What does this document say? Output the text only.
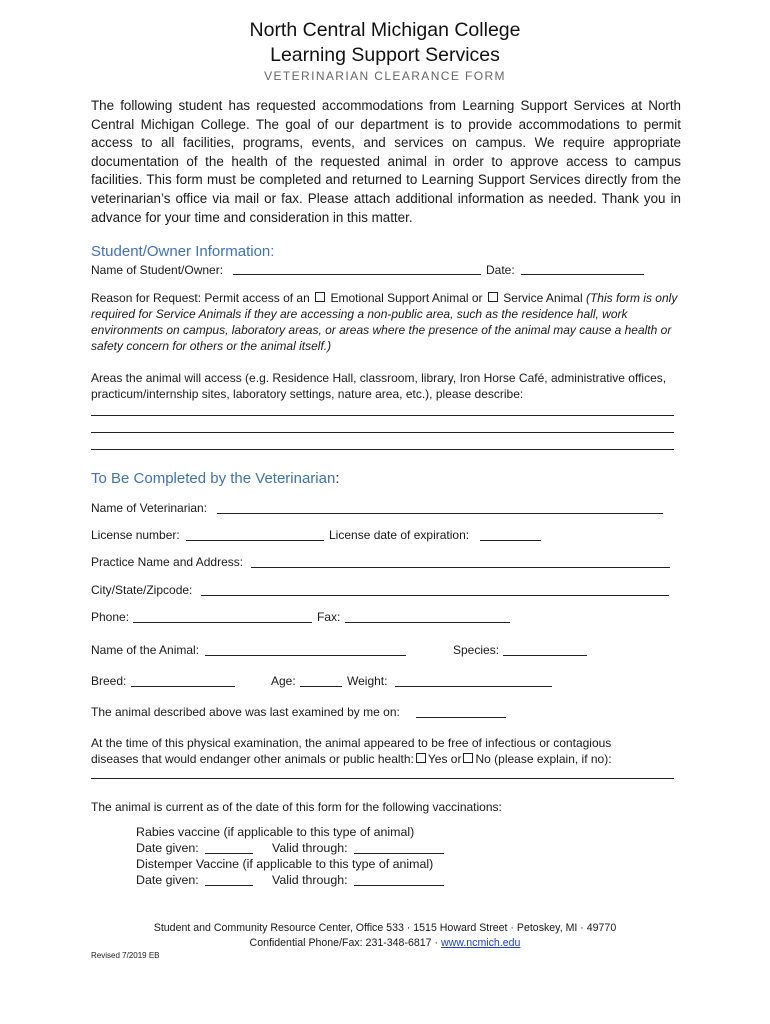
North Central Michigan College
Learning Support Services
VETERINARIAN CLEARANCE FORM
The following student has requested accommodations from Learning Support Services at North Central Michigan College. The goal of our department is to provide accommodations to permit access to all facilities, programs, events, and services on campus. We require appropriate documentation of the health of the requested animal in order to approve access to campus facilities. This form must be completed and returned to Learning Support Services directly from the veterinarian’s office via mail or fax. Please attach additional information as needed. Thank you in advance for your time and consideration in this matter.
Student/Owner Information:
Name of Student/Owner:	Date:
Reason for Request: Permit access of an Emotional Support Animal or Service Animal (This form is only required for Service Animals if they are accessing a non-public area, such as the residence hall, work environments on campus, laboratory areas, or areas where the presence of the animal may cause a health or safety concern for others or the animal itself.)
Areas the animal will access (e.g. Residence Hall, classroom, library, Iron Horse Café, administrative offices, practicum/internship sites, laboratory settings, nature area, etc.), please describe:
To Be Completed by the Veterinarian:
Name of Veterinarian:
License number:	License date of expiration:
Practice Name and Address:
City/State/Zipcode:
Phone:	Fax:
Name of the Animal:	Species:
Breed:	Age:	Weight:
The animal described above was last examined by me on:
At the time of this physical examination, the animal appeared to be free of infectious or contagious
diseases that would endanger other animals or public health: Yes or No (please explain, if no):
The animal is current as of the date of this form for the following vaccinations:
Rabies vaccine (if applicable to this type of animal)
Date given:	Valid through:
Distemper Vaccine (if applicable to this type of animal)
Date given:	Valid through:
Student and Community Resource Center, Office 533 · 1515 Howard Street · Petoskey, MI · 49770
Confidential Phone/Fax: 231-348-6817 · www.ncmich.edu
Revised 7/2019 EB
